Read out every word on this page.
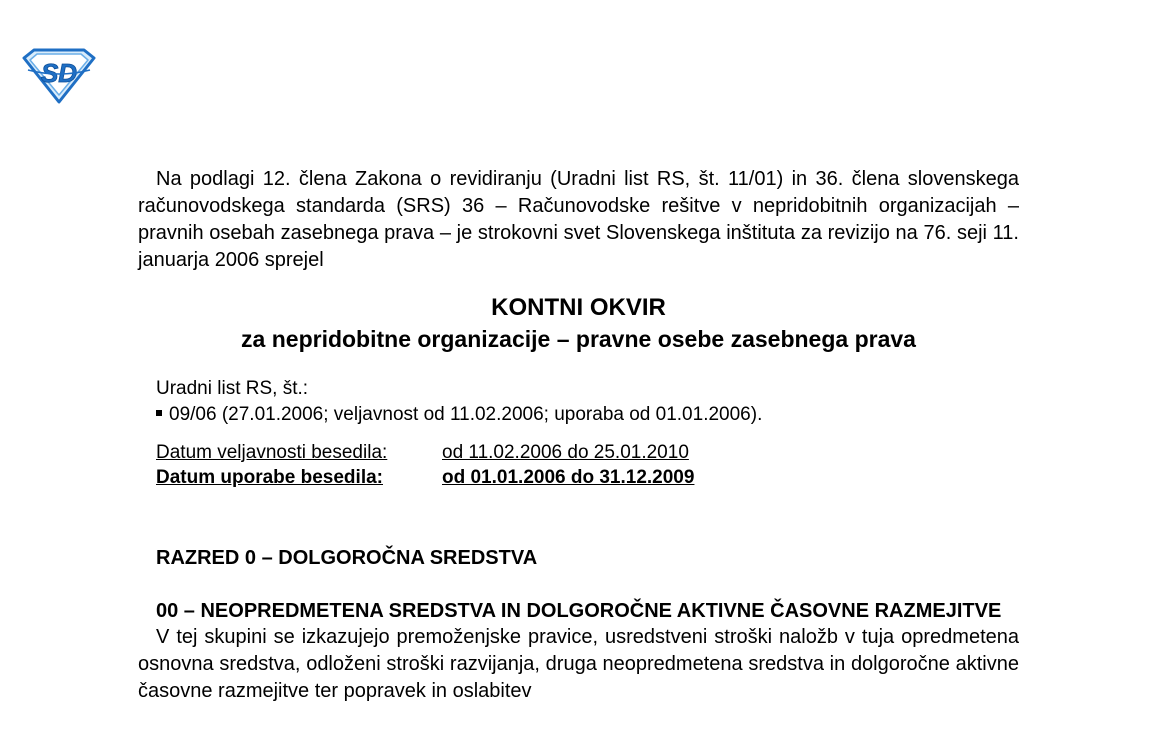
SD

Na podlagi 12. člena Zakona o revidiranju (Uradni list RS, št. 11/01) in 36. člena slovenskega računovodskega standarda (SRS) 36 – Računovodske rešitve v nepridobitnih organizacijah – pravnih osebah zasebnega prava – je strokovni svet Slovenskega inštituta za revizijo na 76. seji 11. januarja 2006 sprejel

KONTNI OKVIR
za nepridobitne organizacije – pravne osebe zasebnega prava
Uradni list RS, št.:
09/06 (27.01.2006; veljavnost od 11.02.2006; uporaba od 01.01.2006).
Datum veljavnosti besedila:	od 11.02.2006 do 25.01.2010
Datum uporabe besedila:	od 01.01.2006 do 31.12.2009
RAZRED 0 – DOLGOROČNA SREDSTVA
00 – NEOPREDMETENA SREDSTVA IN DOLGOROČNE AKTIVNE ČASOVNE RAZMEJITVE
V tej skupini se izkazujejo premoženjske pravice, usredstveni stroški naložb v tuja opredmetena osnovna sredstva, odloženi stroški razvijanja, druga neopredmetena sredstva in dolgoročne aktivne časovne razmejitve ter popravek in oslabitev
